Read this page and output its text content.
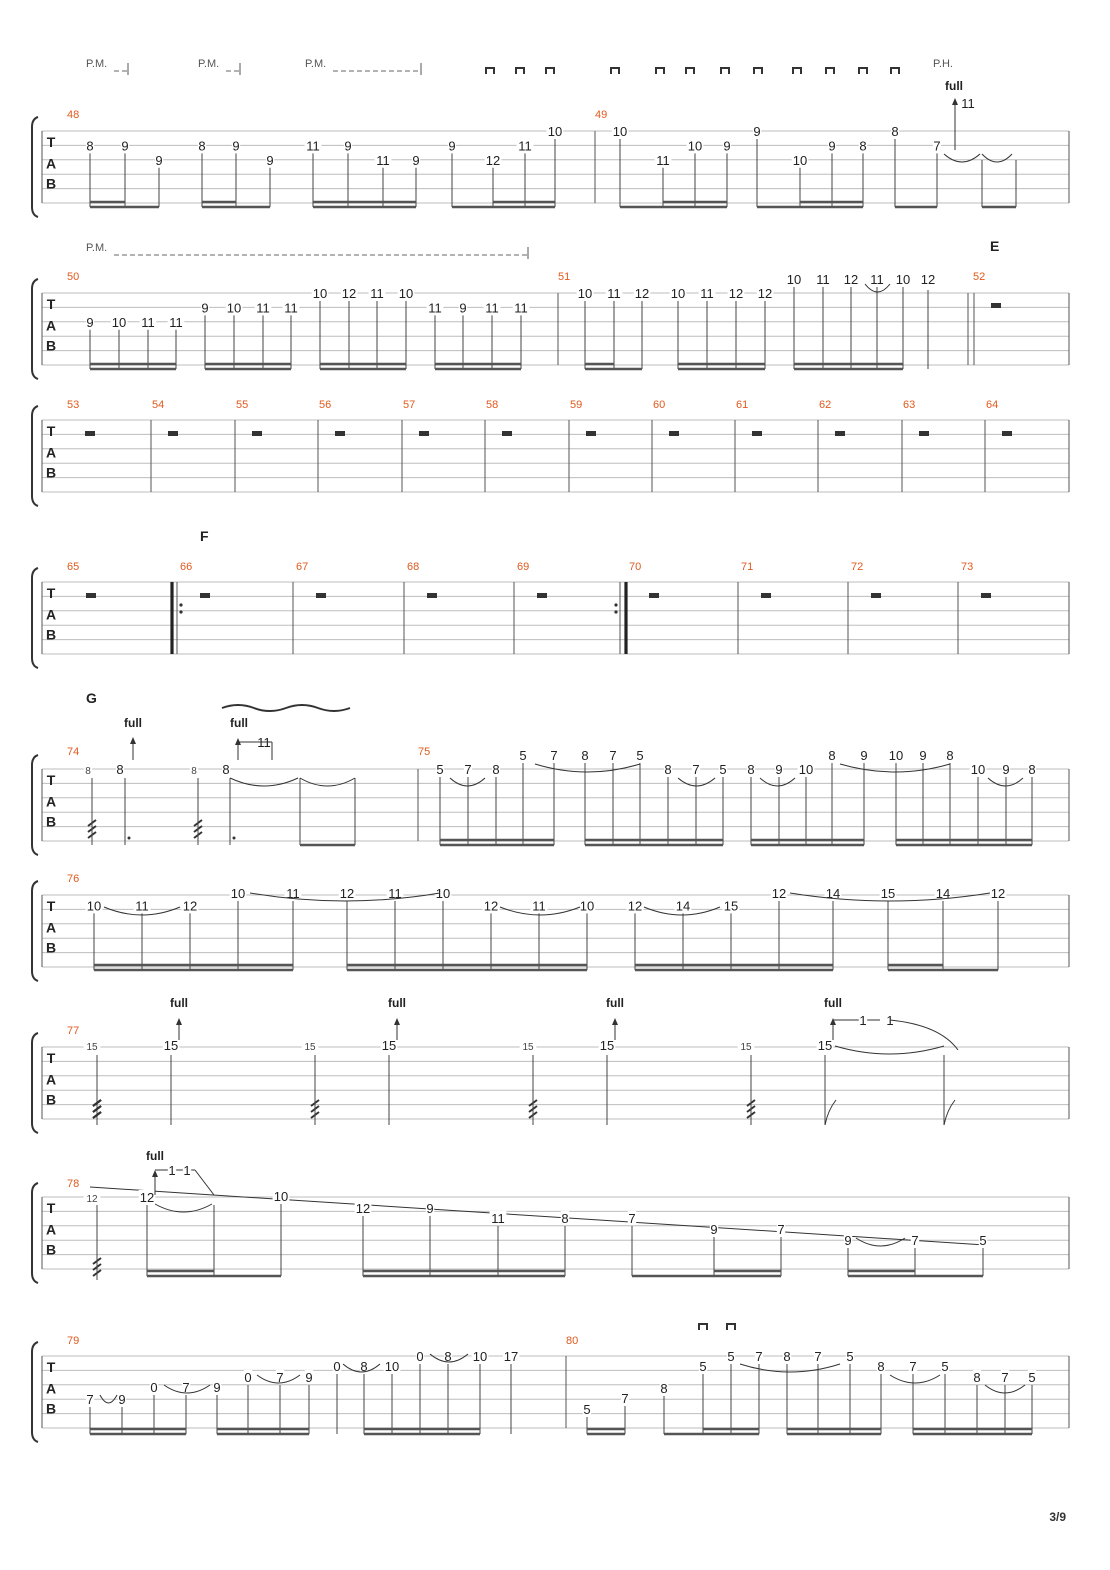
T
A
B
48	49
P.M.	P.M.	P.M.	P.H.
8 9
9
8 9
9
11 9
11 9
9
12
11
10	10
11
10 9
9
10
9 8
8
7
full
11
T
A
B
50	51	52
P.M.	E
9 10 11 11
9 10 11 11
10 12 11 10
11 9 11 11
10 11 12 10 11 12 12
10 11 12 11 10 12
T
A
B
53	54	55	56	57	58	59	60	61	62	63	64
T
A
B
F
65	66	67	68	69	70	71	72	73
T
A
B
G
74	75
8 8
full
8 8
full
11
5 7 8
5 7 8 7 5
8 7 5 8 9 10
8 9 10 9 8
10 9 8
T
A
B
76
10	11	12
10	11	12	11	10
12	11	10	12	14	15
12	14	15	14	12
T
A
B
77
15	15
full
15	15
full
15	15
full
15	15
full
1 1
T
A
B
78
12	12
full
1 1
10
12	9
11	8	7
9	7
9	7	5
T
A
B
79	80
7 9
0 7 9
0 7 9
0 8 10
0 8 10 17
5
7
8
5
5 7 8 7 5
8 7 5
8 7 5
3/9
